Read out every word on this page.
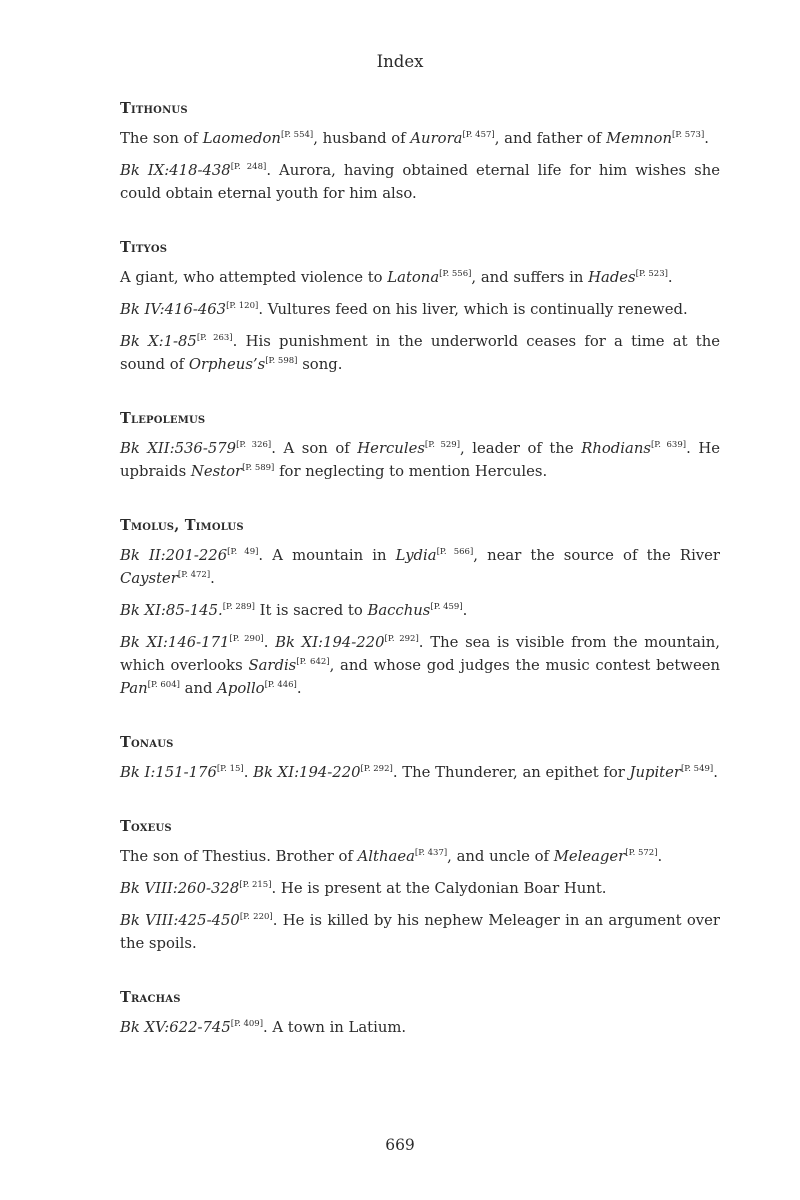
Index
Tithonus

The son of Laomedon[P. 554], husband of Aurora[P. 457], and father of Memnon[P. 573].

Bk IX:418-438[P. 248]. Aurora, having obtained eternal life for him wishes she could obtain eternal youth for him also.

Tityos

A giant, who attempted violence to Latona[P. 556], and suffers in Hades[P. 523].

Bk IV:416-463[P. 120]. Vultures feed on his liver, which is continually renewed.

Bk X:1-85[P. 263]. His punishment in the underworld ceases for a time at the sound of Orpheus’s[P. 598] song.

Tlepolemus

Bk XII:536-579[P. 326]. A son of Hercules[P. 529], leader of the Rhodians[P. 639]. He upbraids Nestor[P. 589] for neglecting to mention Hercules.

Tmolus, Timolus

Bk II:201-226[P. 49]. A mountain in Lydia[P. 566], near the source of the River Cayster[P. 472].

Bk XI:85-145.[P. 289] It is sacred to Bacchus[P. 459].

Bk XI:146-171[P. 290]. Bk XI:194-220[P. 292]. The sea is visible from the mountain, which overlooks Sardis[P. 642], and whose god judges the music contest between Pan[P. 604] and Apollo[P. 446].

Tonaus

Bk I:151-176[P. 15]. Bk XI:194-220[P. 292]. The Thunderer, an epithet for Jupiter[P. 549].

Toxeus

The son of Thestius. Brother of Althaea[P. 437], and uncle of Meleager[P. 572].

Bk VIII:260-328[P. 215]. He is present at the Calydonian Boar Hunt.

Bk VIII:425-450[P. 220]. He is killed by his nephew Meleager in an argument over the spoils.

Trachas

Bk XV:622-745[P. 409]. A town in Latium.

669
